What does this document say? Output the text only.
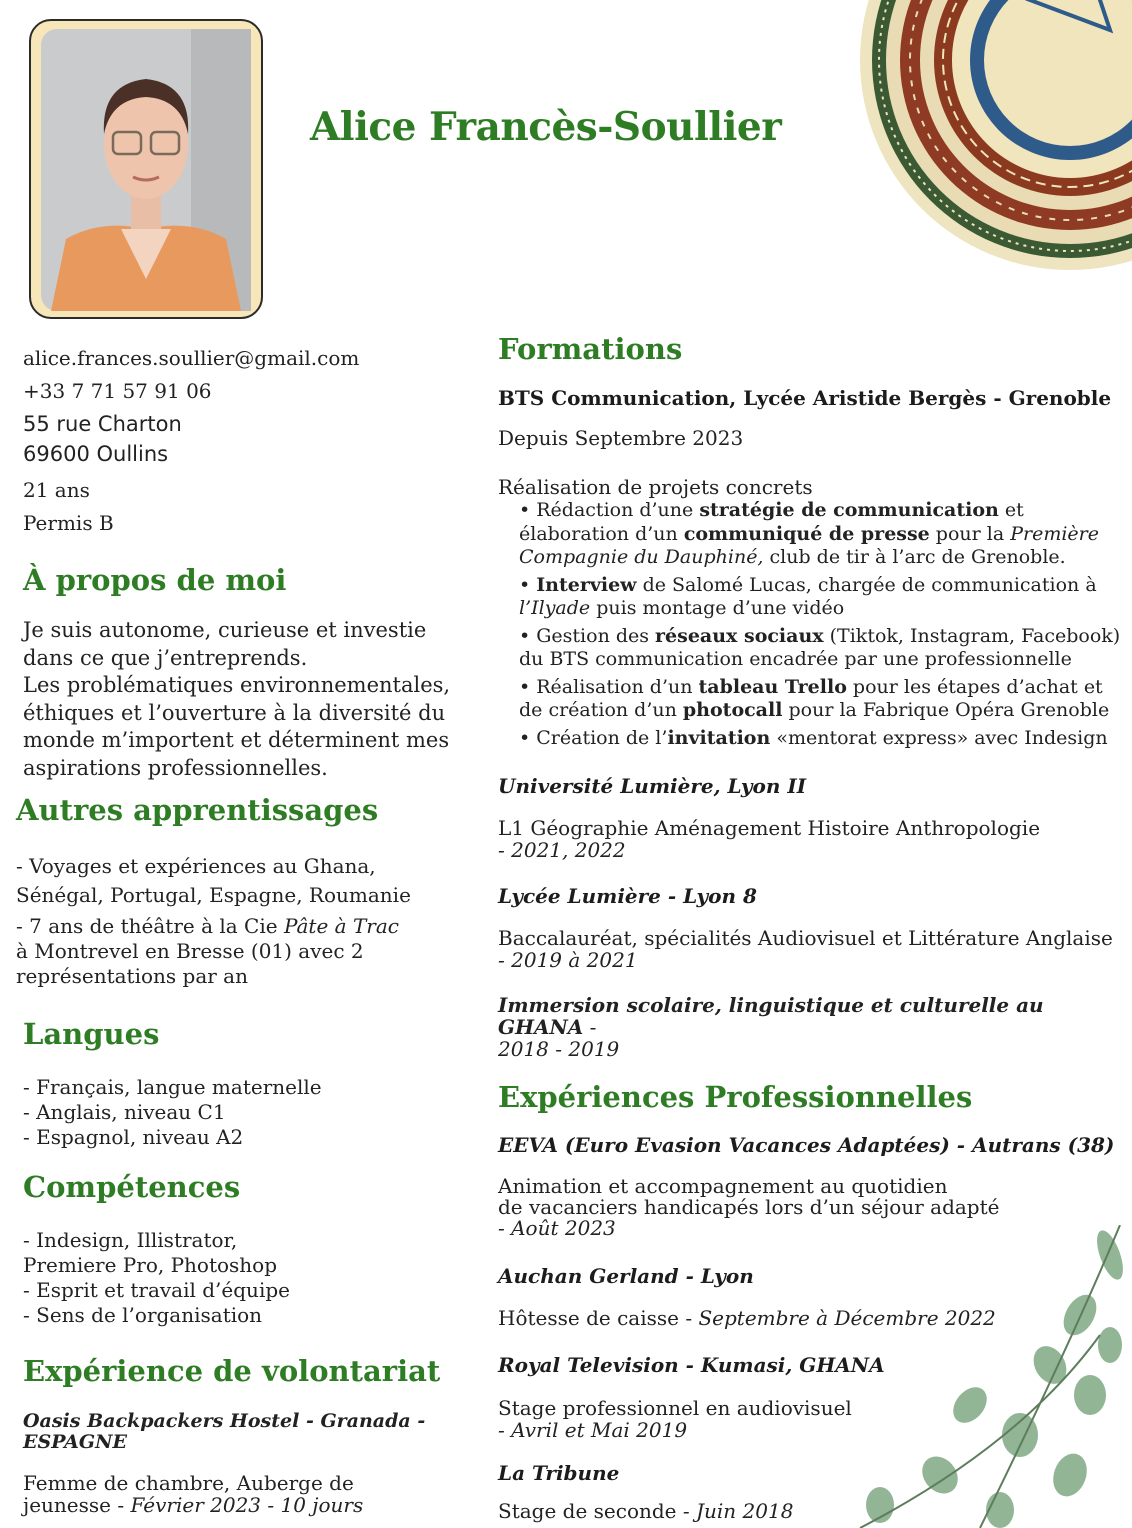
Alice Francès-Soullier
alice.frances.soullier@gmail.com
+33 7 71 57 91 06
55 rue Charton
69600 Oullins
21 ans
Permis B
À propos de moi
Je suis autonome, curieuse et investie
dans ce que j’entreprends.
Les problématiques environnementales,
éthiques et l’ouverture à la diversité du
monde m’importent et déterminent mes
aspirations professionnelles.
Autres apprentissages
- Voyages et expériences au Ghana,
Sénégal, Portugal, Espagne, Roumanie
- 7 ans de théâtre à la Cie Pâte à Trac
à Montrevel en Bresse (01) avec 2
représentations par an
Langues
- Français, langue maternelle
- Anglais, niveau C1
- Espagnol, niveau A2
Compétences
- Indesign, Illistrator,
Premiere Pro, Photoshop
- Esprit et travail d’équipe
- Sens de l’organisation
Expérience de volontariat
Oasis Backpackers Hostel - Granada -
ESPAGNE
Femme de chambre, Auberge de
jeunesse - Février 2023 - 10 jours
Formations
BTS Communication, Lycée Aristide Bergès - Grenoble
Depuis Septembre 2023
Réalisation de projets concrets
• Rédaction d’une stratégie de communication et élaboration d’un communiqué de presse pour la Première Compagnie du Dauphiné, club de tir à l’arc de Grenoble.
• Interview de Salomé Lucas, chargée de communication à l’Ilyade puis montage d’une vidéo
• Gestion des réseaux sociaux (Tiktok, Instagram, Facebook) du BTS communication encadrée par une professionnelle
• Réalisation d’un tableau Trello pour les étapes d’achat et de création d’un photocall pour la Fabrique Opéra Grenoble
• Création de l’invitation «mentorat express» avec Indesign
Université Lumière, Lyon II
L1 Géographie Aménagement Histoire Anthropologie
- 2021, 2022
Lycée Lumière - Lyon 8
Baccalauréat, spécialités Audiovisuel et Littérature Anglaise
- 2019 à 2021
Immersion scolaire, linguistique et culturelle au GHANA -
2018 - 2019
Expériences Professionnelles
EEVA (Euro Evasion Vacances Adaptées) - Autrans (38)
Animation et accompagnement au quotidien
de vacanciers handicapés lors d’un séjour adapté
- Août 2023
Auchan Gerland - Lyon
Hôtesse de caisse - Septembre à Décembre 2022
Royal Television - Kumasi, GHANA
Stage professionnel en audiovisuel
- Avril et Mai 2019
La Tribune
Stage de seconde - Juin 2018
